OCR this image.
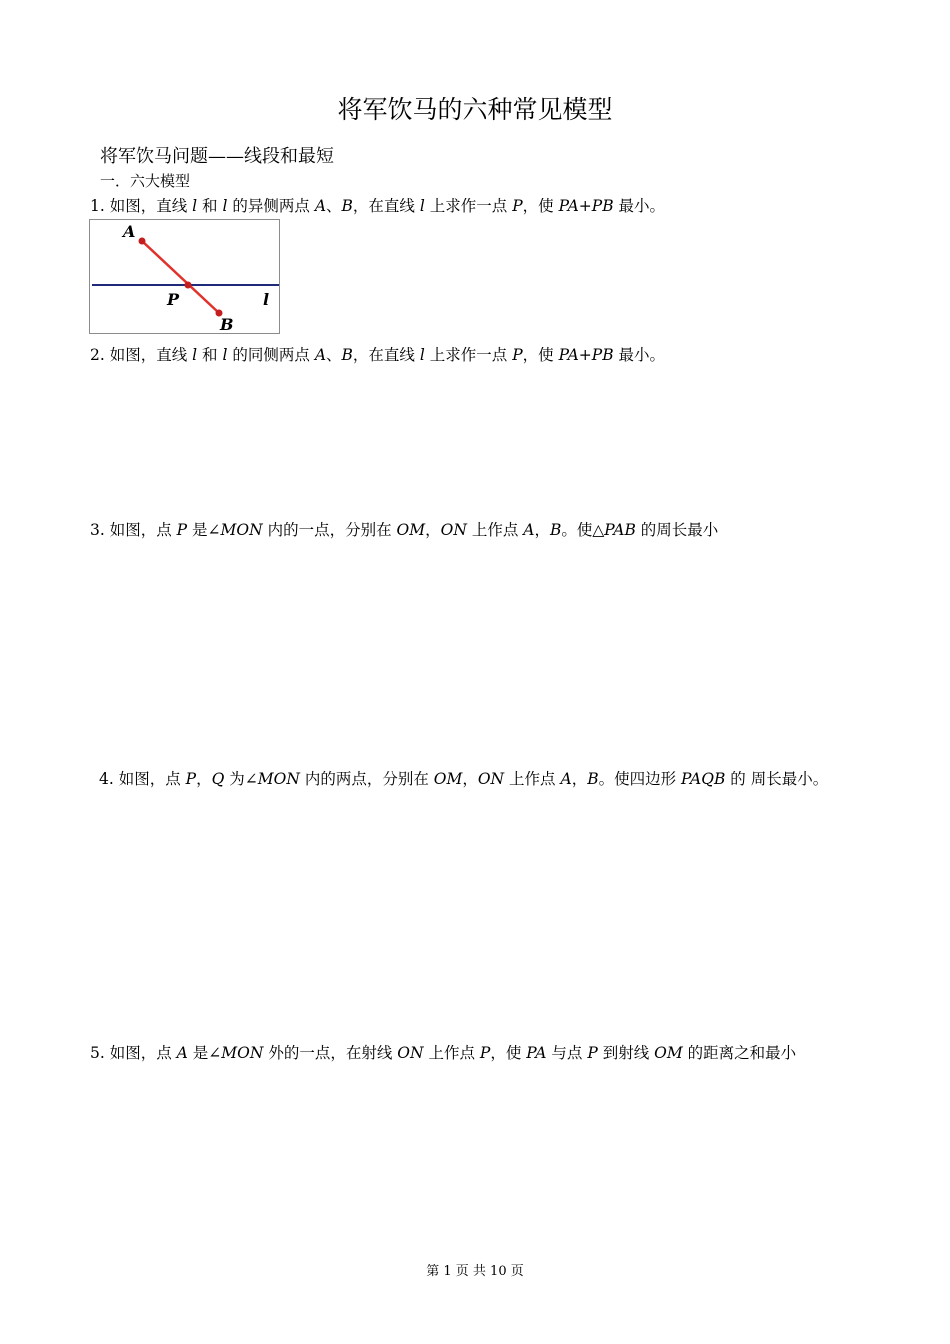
将军饮马的六种常见模型
将军饮马问题——线段和最短
一．六大模型
1. 如图，直线 l 和 l 的异侧两点 A、B，在直线 l 上求作一点 P，使 PA+PB 最小。
A
P
B
l
2. 如图，直线 l 和 l 的同侧两点 A、B，在直线 l 上求作一点 P，使 PA+PB 最小。
3. 如图，点 P 是∠MON 内的一点，分别在 OM，ON 上作点 A，B。使△PAB 的周长最小
4. 如图，点 P，Q 为∠MON 内的两点，分别在 OM，ON 上作点 A，B。使四边形 PAQB 的 周长最小。
5. 如图，点 A 是∠MON 外的一点，在射线 ON 上作点 P，使 PA 与点 P 到射线 OM 的距离之和最小
第 1 页 共 10 页
